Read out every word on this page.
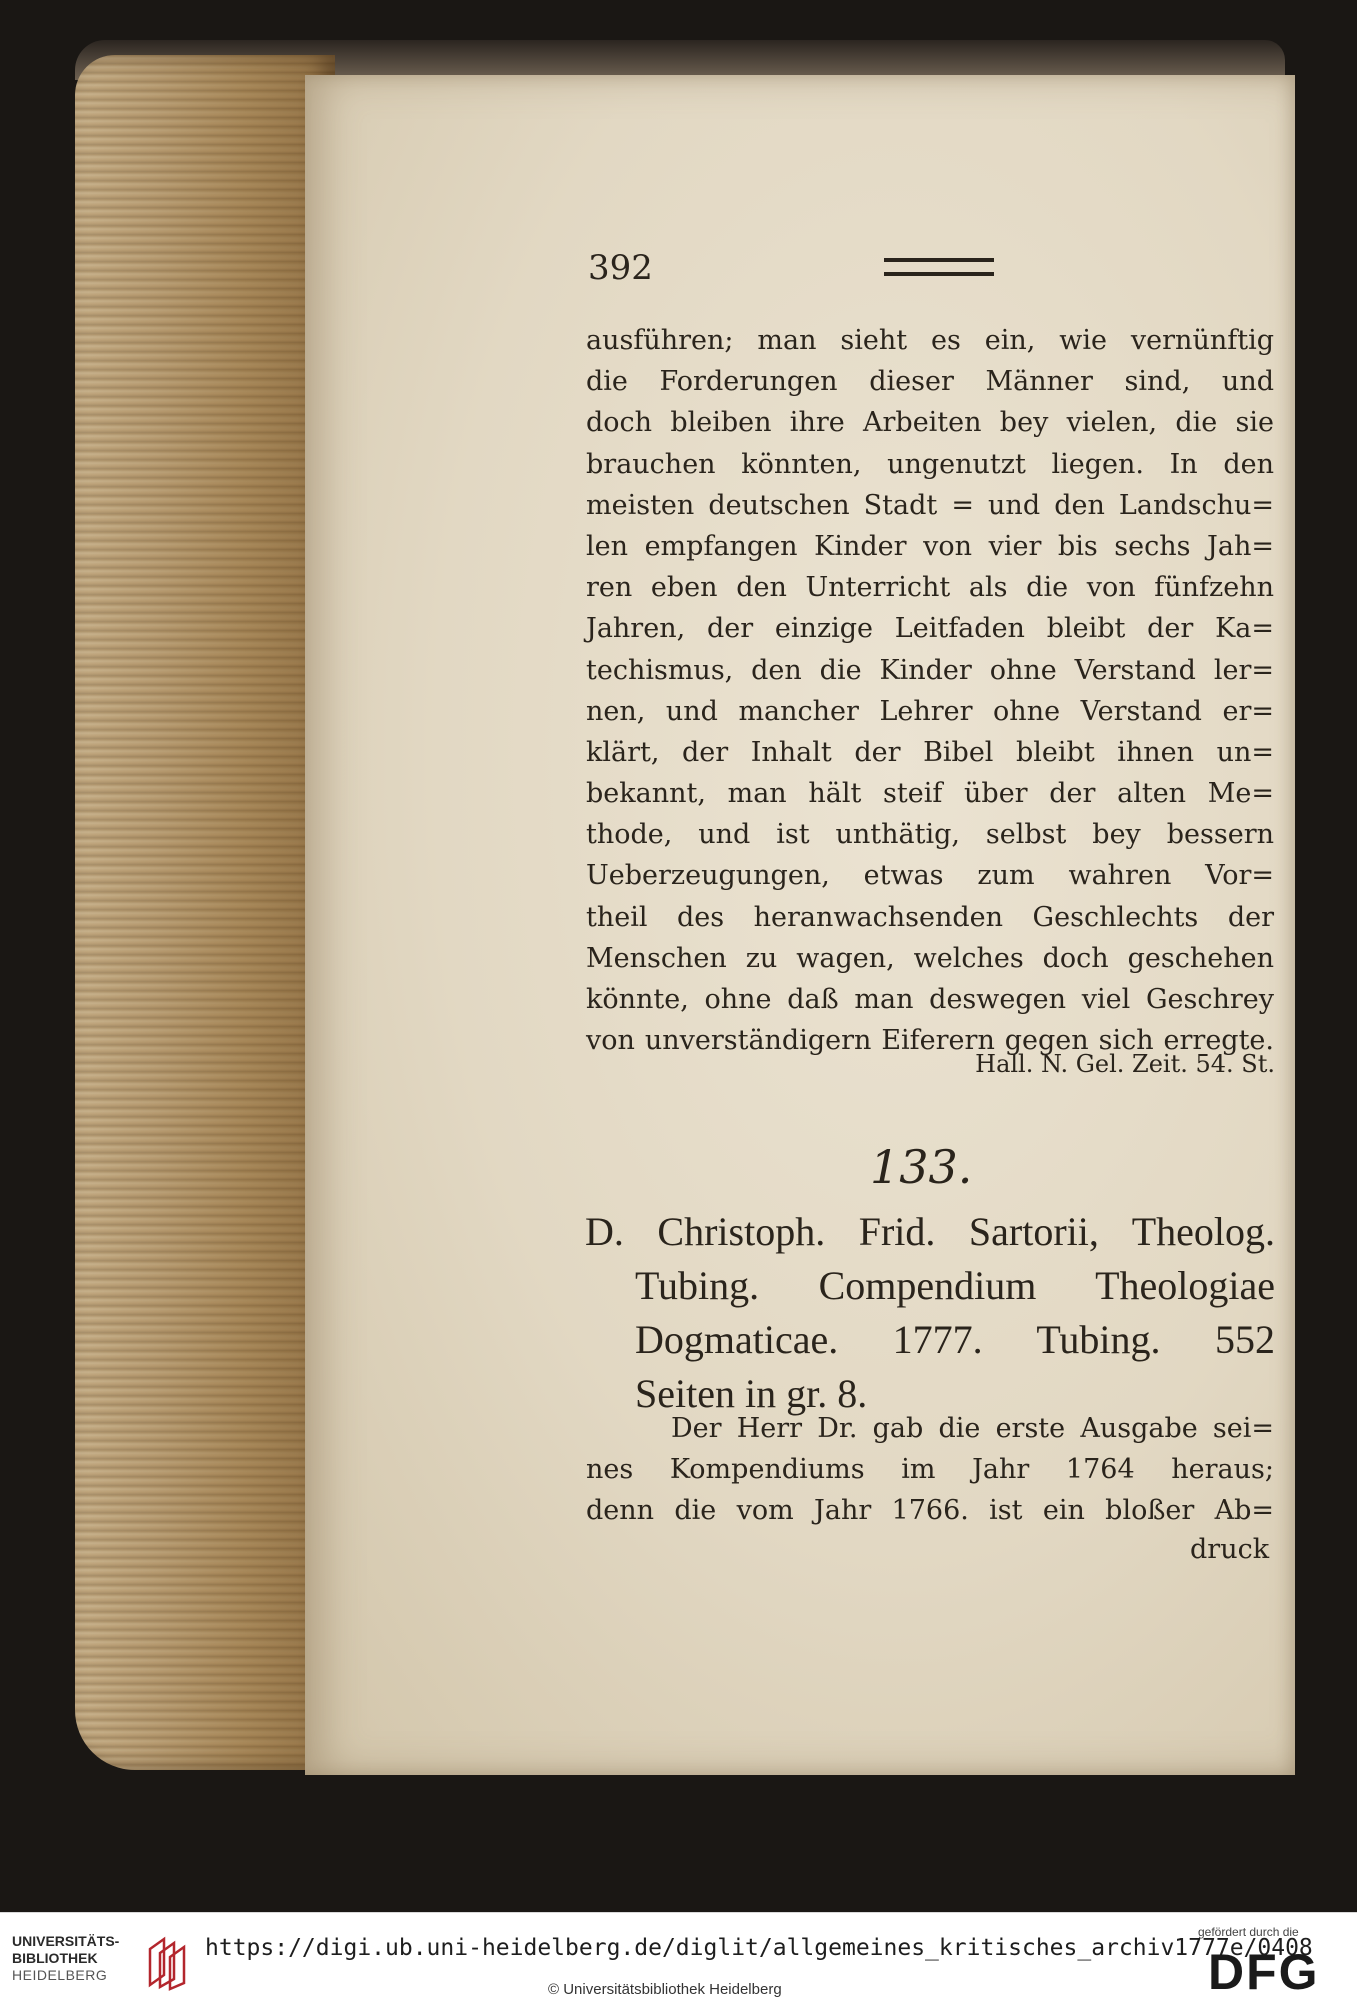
392
ausführen; man sieht es ein, wie vernünftig
die Forderungen dieser Männer sind, und
doch bleiben ihre Arbeiten bey vielen, die sie
brauchen könnten, ungenutzt liegen. In den
meisten deutschen Stadt = und den Landschu=
len empfangen Kinder von vier bis sechs Jah=
ren eben den Unterricht als die von fünfzehn
Jahren, der einzige Leitfaden bleibt der Ka=
techismus, den die Kinder ohne Verstand ler=
nen, und mancher Lehrer ohne Verstand er=
klärt, der Inhalt der Bibel bleibt ihnen un=
bekannt, man hält steif über der alten Me=
thode, und ist unthätig, selbst bey bessern
Ueberzeugungen, etwas zum wahren Vor=
theil des heranwachsenden Geschlechts der
Menschen zu wagen, welches doch geschehen
könnte, ohne daß man deswegen viel Geschrey
von unverständigern Eiferern gegen sich erregte.
Hall. N. Gel. Zeit. 54. St.
133.
D. Christoph. Frid. Sartorii, Theolog.
Tubing. Compendium Theologiae
Dogmaticae. 1777. Tubing. 552
Seiten in gr. 8.
Der Herr Dr. gab die erste Ausgabe sei=
nes Kompendiums im Jahr 1764 heraus;
denn die vom Jahr 1766. ist ein bloßer Ab=
druck
UNIVERSITÄTS-
BIBLIOTHEK
HEIDELBERG
https://digi.ub.uni-heidelberg.de/diglit/allgemeines_kritisches_archiv1777e/0408
© Universitätsbibliothek Heidelberg
gefördert durch die
DFG
